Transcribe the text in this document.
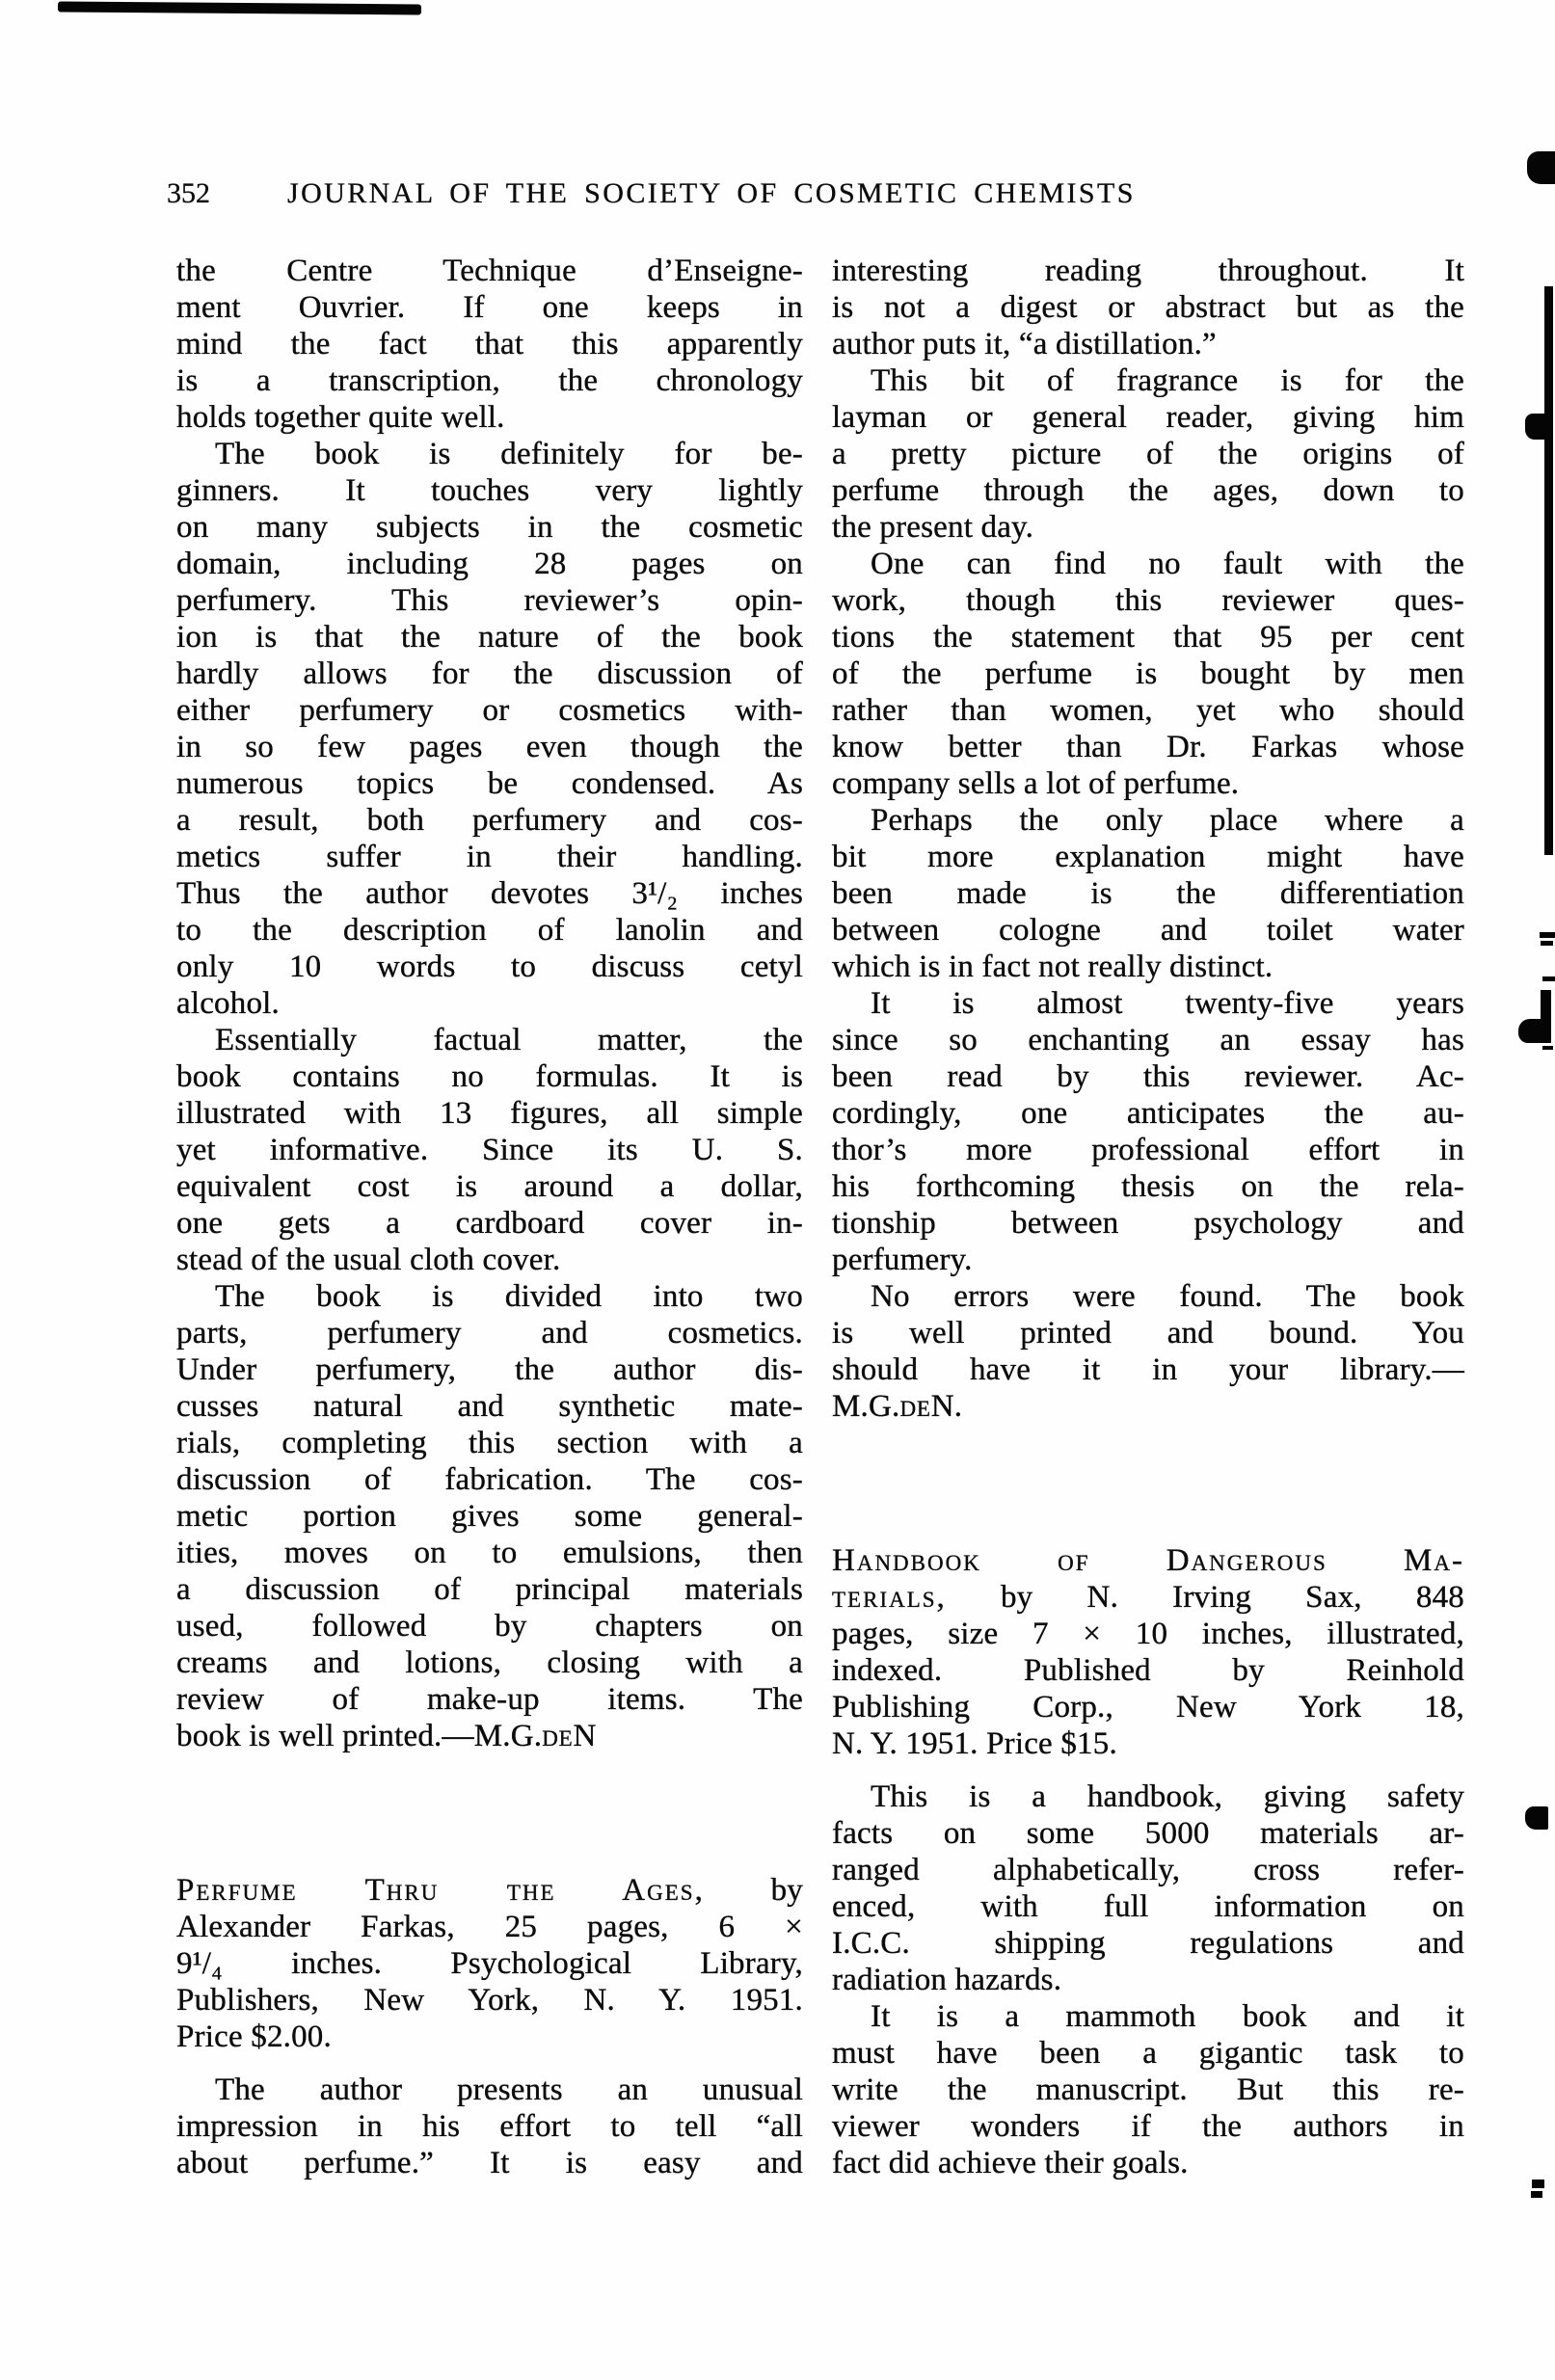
352	JOURNAL OF THE SOCIETY OF COSMETIC CHEMISTS
the Centre Technique d’Enseigne-
ment Ouvrier. If one keeps in
mind the fact that this apparently
is a transcription, the chronology
holds together quite well.
The book is definitely for be-
ginners. It touches very lightly
on many subjects in the cosmetic
domain, including 28 pages on
perfumery. This reviewer’s opin-
ion is that the nature of the book
hardly allows for the discussion of
either perfumery or cosmetics with-
in so few pages even though the
numerous topics be condensed. As
a result, both perfumery and cos-
metics suffer in their handling.
Thus the author devotes 3¹/₂ inches
to the description of lanolin and
only 10 words to discuss cetyl
alcohol.
Essentially factual matter, the
book contains no formulas. It is
illustrated with 13 figures, all simple
yet informative. Since its U. S.
equivalent cost is around a dollar,
one gets a cardboard cover in-
stead of the usual cloth cover.
The book is divided into two
parts, perfumery and cosmetics.
Under perfumery, the author dis-
cusses natural and synthetic mate-
rials, completing this section with a
discussion of fabrication. The cos-
metic portion gives some general-
ities, moves on to emulsions, then
a discussion of principal materials
used, followed by chapters on
creams and lotions, closing with a
review of make-up items. The
book is well printed.—M.G.deN
Perfume Thru the Ages, by
Alexander Farkas, 25 pages, 6 ×
9¹/₄ inches. Psychological Library,
Publishers, New York, N. Y. 1951.
Price $2.00.
The author presents an unusual
impression in his effort to tell “all
about perfume.” It is easy and
interesting reading throughout. It
is not a digest or abstract but as the
author puts it, “a distillation.”
This bit of fragrance is for the
layman or general reader, giving him
a pretty picture of the origins of
perfume through the ages, down to
the present day.
One can find no fault with the
work, though this reviewer ques-
tions the statement that 95 per cent
of the perfume is bought by men
rather than women, yet who should
know better than Dr. Farkas whose
company sells a lot of perfume.
Perhaps the only place where a
bit more explanation might have
been made is the differentiation
between cologne and toilet water
which is in fact not really distinct.
It is almost twenty-five years
since so enchanting an essay has
been read by this reviewer. Ac-
cordingly, one anticipates the au-
thor’s more professional effort in
his forthcoming thesis on the rela-
tionship between psychology and
perfumery.
No errors were found. The book
is well printed and bound. You
should have it in your library.—
M.G.deN.
Handbook of Dangerous Ma-
terials, by N. Irving Sax, 848
pages, size 7 × 10 inches, illustrated,
indexed. Published by Reinhold
Publishing Corp., New York 18,
N. Y. 1951. Price $15.
This is a handbook, giving safety
facts on some 5000 materials ar-
ranged alphabetically, cross refer-
enced, with full information on
I.C.C. shipping regulations and
radiation hazards.
It is a mammoth book and it
must have been a gigantic task to
write the manuscript. But this re-
viewer wonders if the authors in
fact did achieve their goals.
